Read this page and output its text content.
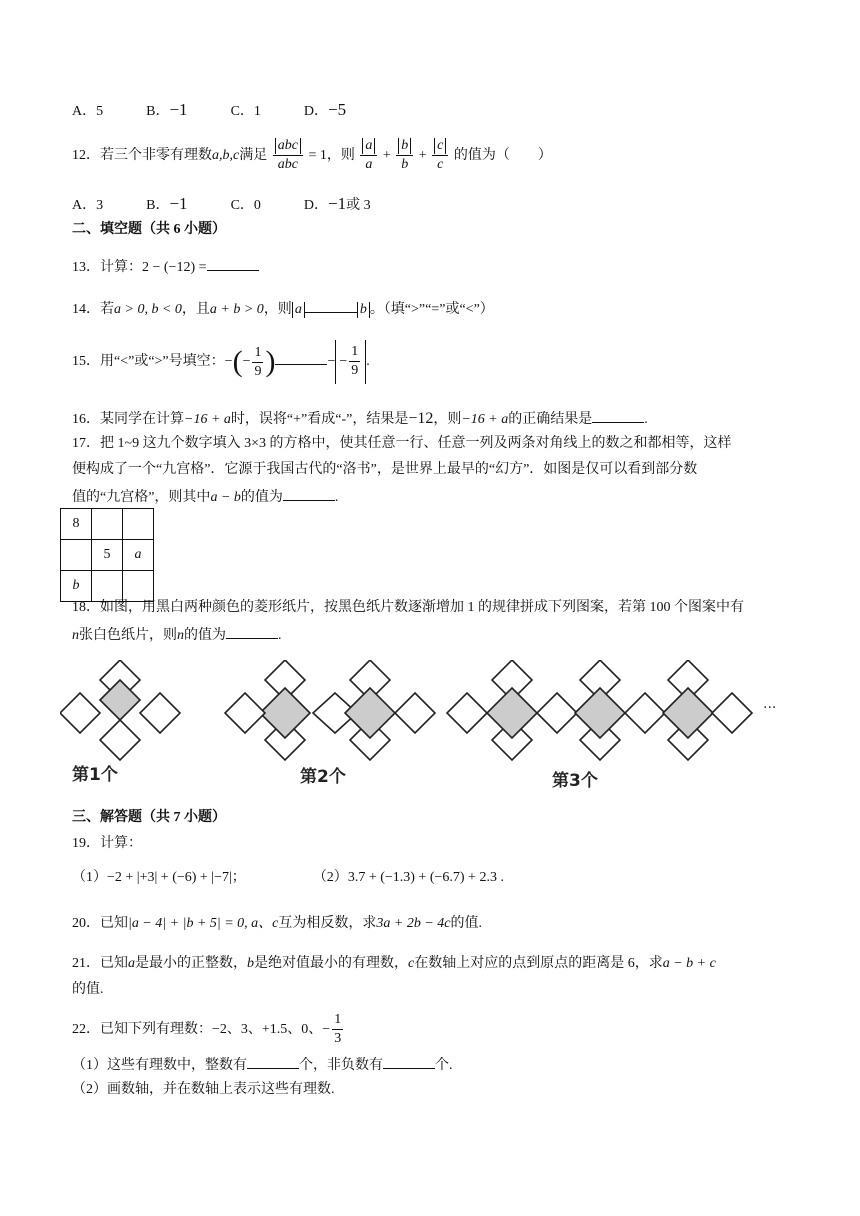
A．5	B．−1	C．1	D．−5
12．若三个非零有理数a,b,c满足 $\frac{\text{abc}}{\text{abc}} = 1$，则 $\frac{a}{a} + \frac{b}{b} + \frac{c}{c}$ 的值为（　　）
A．3	B．−1	C．0	D．−1或 3
二、填空题（共 6 小题）
13．计算：2 − (−12) =
14．若a > 0, b < 0，且a + b > 0，则 a	b 。（填“>”“=”或“<”）
15．用“<”或“>”号填空：−(− $\frac{1}{9}$ )	− − $\frac{1}{9}$ .
16．某同学在计算−16 + a时，误将“+”看成“-”，结果是−12，则−16 + a的正确结果是	.
17．把 1~9 这九个数字填入 3×3 的方格中，使其任意一行、任意一列及两条对角线上的数之和都相等，这样
便构成了一个“九宫格”．它源于我国古代的“洛书”，是世界上最早的“幻方”．如图是仅可以看到部分数
值的“九宫格”，则其中a − b的值为	.
8		
	5	a
b		
18．如图，用黑白两种颜色的菱形纸片，按黑色纸片数逐渐增加 1 的规律拼成下列图案，若第 100 个图案中有
n张白色纸片，则n的值为	.
···
第1个	第2个	第3个
三、解答题（共 7 小题）
19．计算：
（1）−2 + |+3| + (−6) + |−7|；	（2）3.7 + (−1.3) + (−6.7) + 2.3 .
20．已知|a − 4| + |b + 5| = 0, a、c互为相反数，求3a + 2b − 4c的值.
21．已知a是最小的正整数，b是绝对值最小的有理数，c在数轴上对应的点到原点的距离是 6，求a − b + c
的值.
22．已知下列有理数：−2、3、+1.5、0、− $\frac{1}{3}$
（1）这些有理数中，整数有	个，非负数有	个.
（2）画数轴，并在数轴上表示这些有理数.
